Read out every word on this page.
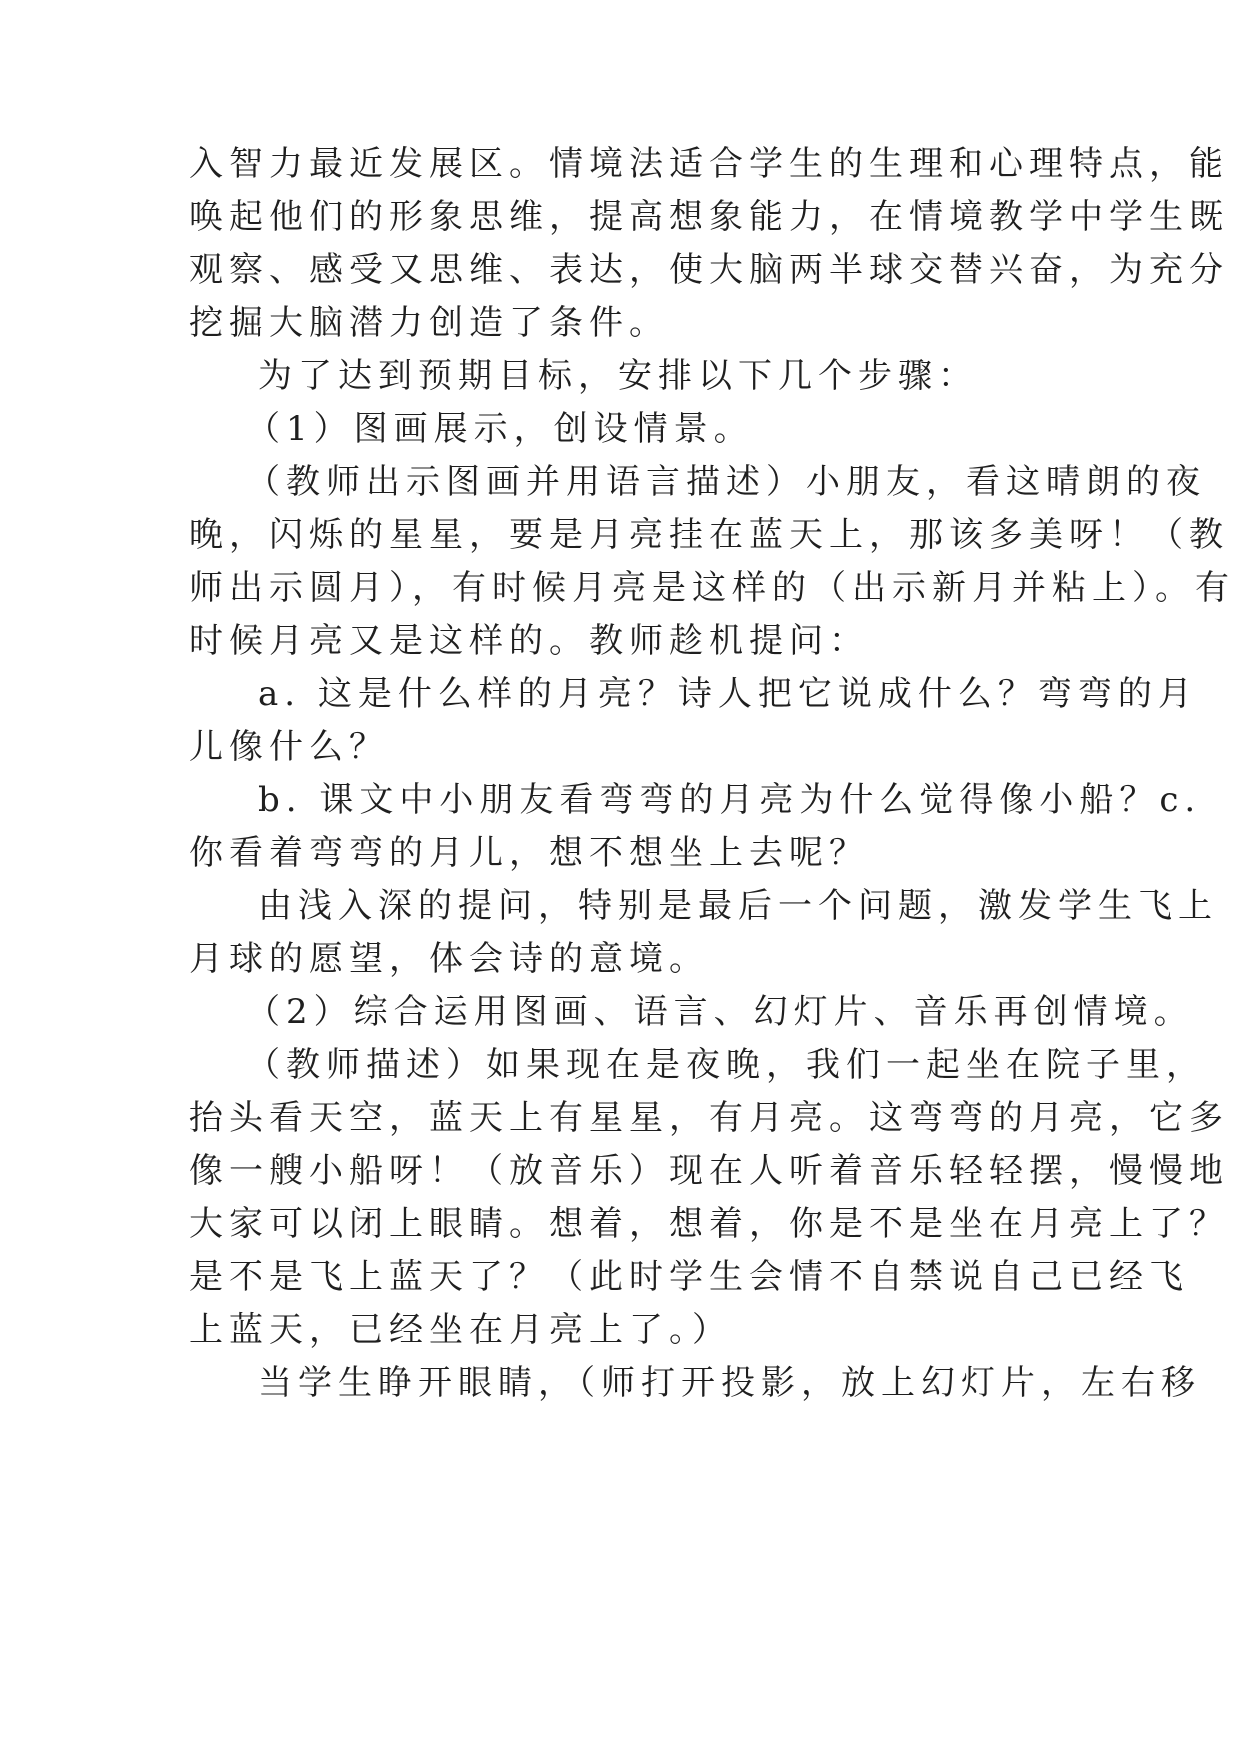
入智力最近发展区。情境法适合学生的生理和心理特点，能
唤起他们的形象思维，提高想象能力，在情境教学中学生既
观察、感受又思维、表达，使大脑两半球交替兴奋，为充分
挖掘大脑潜力创造了条件。
为了达到预期目标，安排以下几个步骤：
（1）图画展示，创设情景。
（教师出示图画并用语言描述）小朋友，看这晴朗的夜
晚，闪烁的星星，要是月亮挂在蓝天上，那该多美呀！（教
师出示圆月），有时候月亮是这样的（出示新月并粘上）。有
时候月亮又是这样的。教师趁机提问：
a. 这是什么样的月亮？诗人把它说成什么？弯弯的月
儿像什么？
b. 课文中小朋友看弯弯的月亮为什么觉得像小船？c.
你看着弯弯的月儿，想不想坐上去呢？
由浅入深的提问，特别是最后一个问题，激发学生飞上
月球的愿望，体会诗的意境。
（2）综合运用图画、语言、幻灯片、音乐再创情境。
（教师描述）如果现在是夜晚，我们一起坐在院子里，
抬头看天空，蓝天上有星星，有月亮。这弯弯的月亮，它多
像一艘小船呀！（放音乐）现在人听着音乐轻轻摆，慢慢地
大家可以闭上眼睛。想着，想着，你是不是坐在月亮上了？
是不是飞上蓝天了？（此时学生会情不自禁说自己已经飞
上蓝天，已经坐在月亮上了。）
当学生睁开眼睛，（师打开投影，放上幻灯片，左右移
